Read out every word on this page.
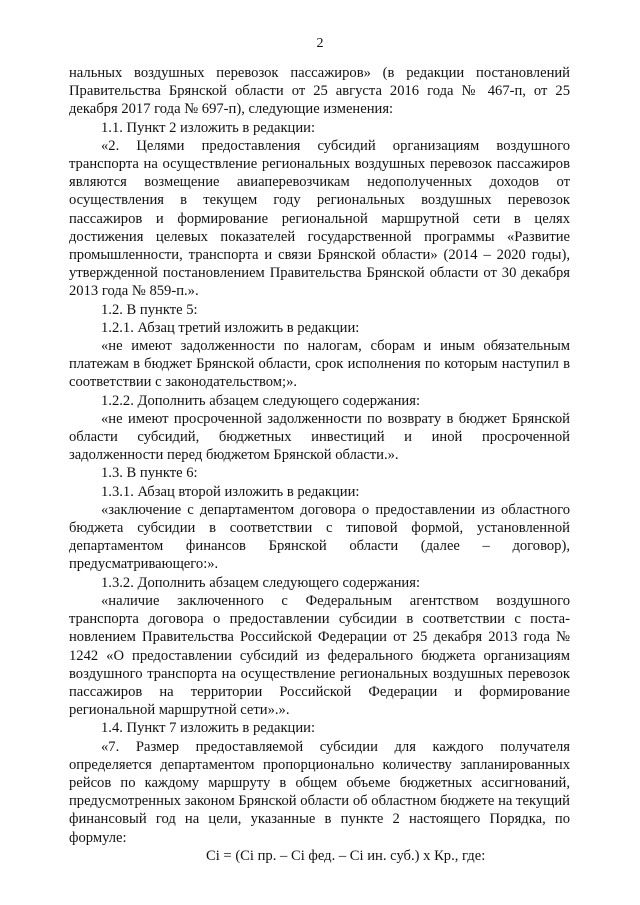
2

нальных воздушных перевозок пассажиров» (в редакции постановлений Правительства Брянской области от 25 августа 2016 года № 467-п, от 25 декабря 2017 года № 697-п), следующие изменения:

1.1. Пункт 2 изложить в редакции:

«2. Целями предоставления субсидий организациям воздушного транспорта на осуществление региональных воздушных перевозок пассажиров являются возмещение авиаперевозчикам недополученных доходов от осуществления в текущем году региональных воздушных перевозок пассажиров и формирование региональной маршрутной сети в целях достижения целевых показателей государственной программы «Развитие промышленности, транспорта и связи Брянской области» (2014 – 2020 годы), утвержденной постановлением Правительства Брянской области от 30 декабря 2013 года № 859-п.».

1.2. В пункте 5:

1.2.1. Абзац третий изложить в редакции:

«не имеют задолженности по налогам, сборам и иным обязательным платежам в бюджет Брянской области, срок исполнения по которым наступил в соответствии с законодательством;».

1.2.2. Дополнить абзацем следующего содержания:

«не имеют просроченной задолженности по возврату в бюджет Брянской области субсидий, бюджетных инвестиций и иной просроченной задолженности перед бюджетом Брянской области.».

1.3. В пункте 6:

1.3.1. Абзац второй изложить в редакции:

«заключение с департаментом договора о предоставлении из областного бюджета субсидии в соответствии с типовой формой, установленной департаментом финансов Брянской области (далее – договор), предусматривающего:».

1.3.2. Дополнить абзацем следующего содержания:

«наличие заключенного с Федеральным агентством воздушного транспорта договора о предоставлении субсидии в соответствии с постановлением Правительства Российской Федерации от 25 декабря 2013 года № 1242 «О предоставлении субсидий из федерального бюджета организациям воздушного транспорта на осуществление региональных воздушных перевозок пассажиров на территории Российской Федерации и формирование региональной маршрутной сети».».

1.4. Пункт 7 изложить в редакции:

«7. Размер предоставляемой субсидии для каждого получателя определяется департаментом пропорционально количеству запланированных рейсов по каждому маршруту в общем объеме бюджетных ассигнований, предусмотренных законом Брянской области об областном бюджете на текущий финансовый год на цели, указанные в пункте 2 настоящего Порядка, по формуле:

Сi = (Сi пр. – Сi фед. – Сi ин. суб.) х Кр., где:
